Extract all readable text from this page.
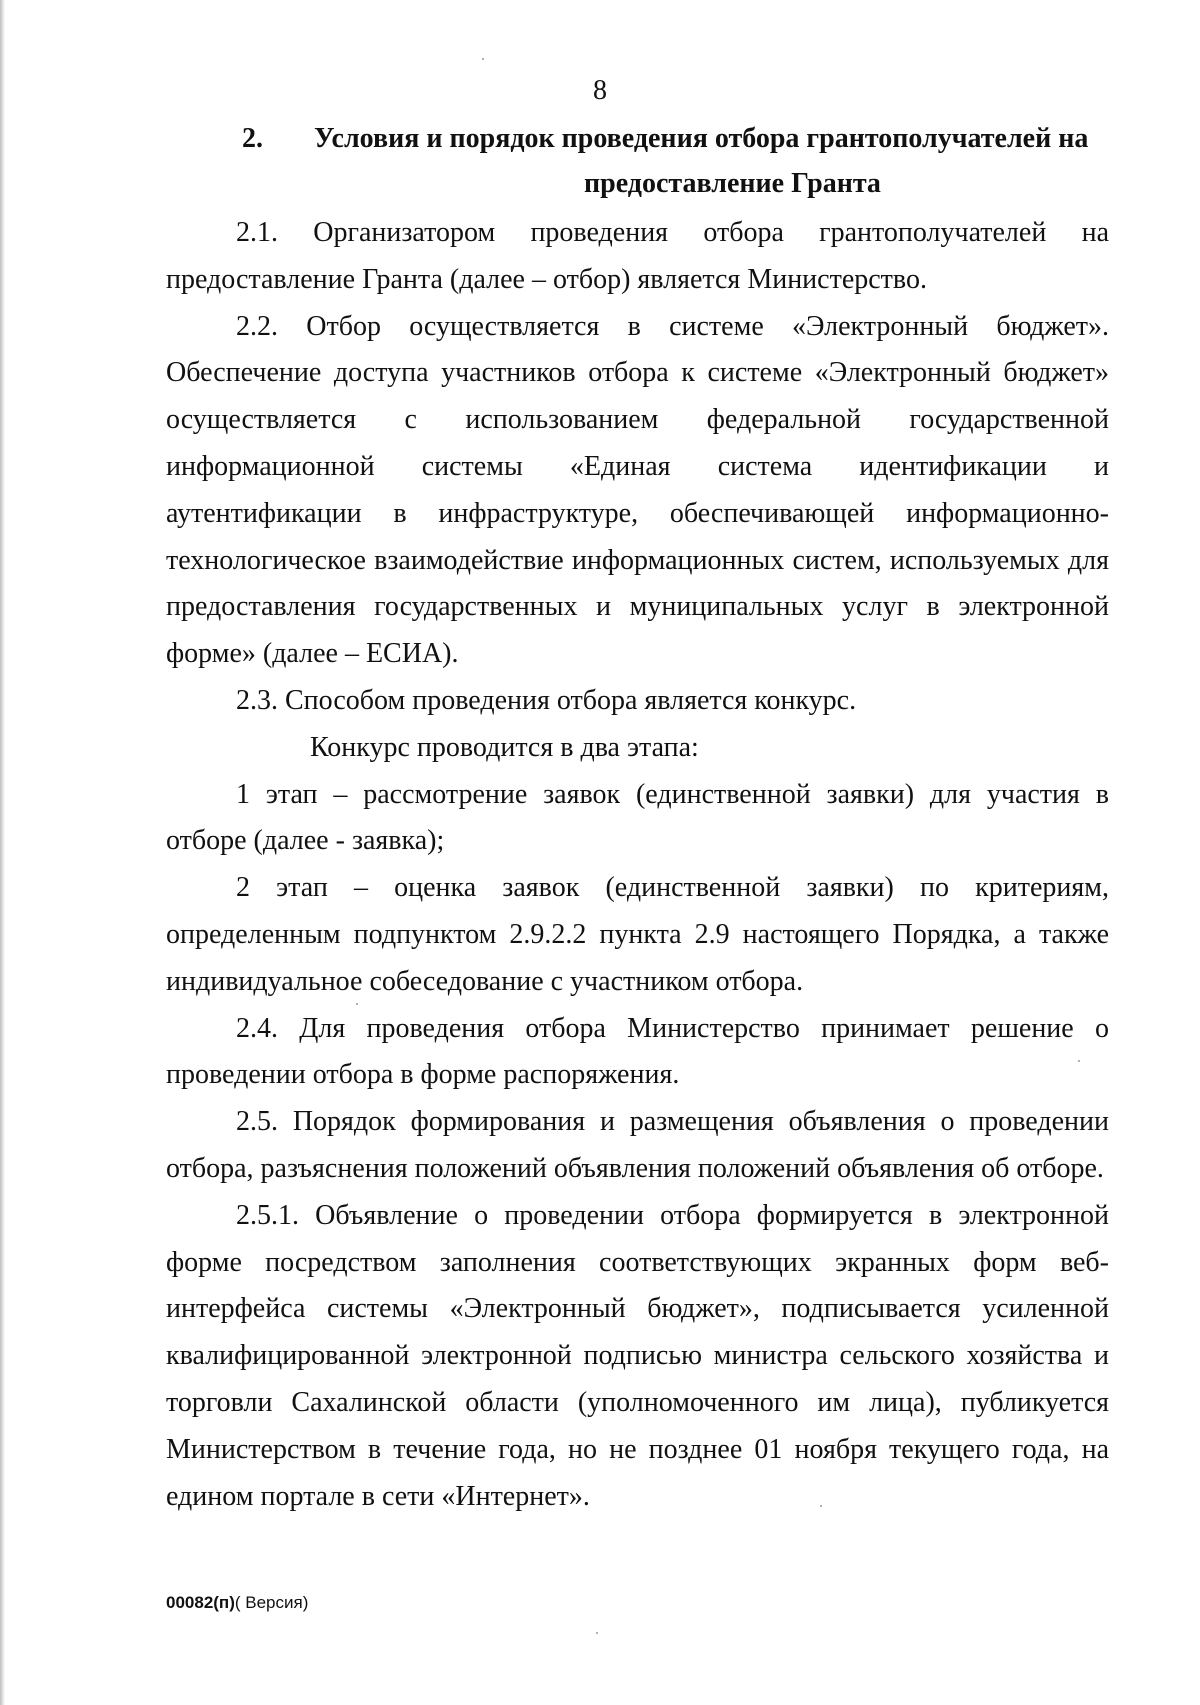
8
2.	Условия и порядок проведения отбора грантополучателей на
предоставление Гранта

2.1. Организатором проведения отбора грантополучателей на предоставление Гранта (далее – отбор) является Министерство.

2.2. Отбор осуществляется в системе «Электронный бюджет». Обеспечение доступа участников отбора к системе «Электронный бюджет» осуществляется с использованием федеральной государственной информационной системы «Единая система идентификации и аутентификации в инфраструктуре, обеспечивающей информационно-технологическое взаимодействие информационных систем, используемых для предоставления государственных и муниципальных услуг в электронной форме» (далее – ЕСИА).

2.3. Способом проведения отбора является конкурс.

Конкурс проводится в два этапа:

1 этап – рассмотрение заявок (единственной заявки) для участия в отборе (далее - заявка);

2 этап – оценка заявок (единственной заявки) по критериям, определенным подпунктом 2.9.2.2 пункта 2.9 настоящего Порядка, а также индивидуальное собеседование с участником отбора.

2.4. Для проведения отбора Министерство принимает решение о проведении отбора в форме распоряжения.

2.5. Порядок формирования и размещения объявления о проведении отбора, разъяснения положений объявления положений объявления об отборе.

2.5.1. Объявление о проведении отбора формируется в электронной форме посредством заполнения соответствующих экранных форм веб-интерфейса системы «Электронный бюджет», подписывается усиленной квалифицированной электронной подписью министра сельского хозяйства и торговли Сахалинской области (уполномоченного им лица), публикуется Министерством в течение года, но не позднее 01 ноября текущего года, на едином портале в сети «Интернет».

00082(п)( Версия)
